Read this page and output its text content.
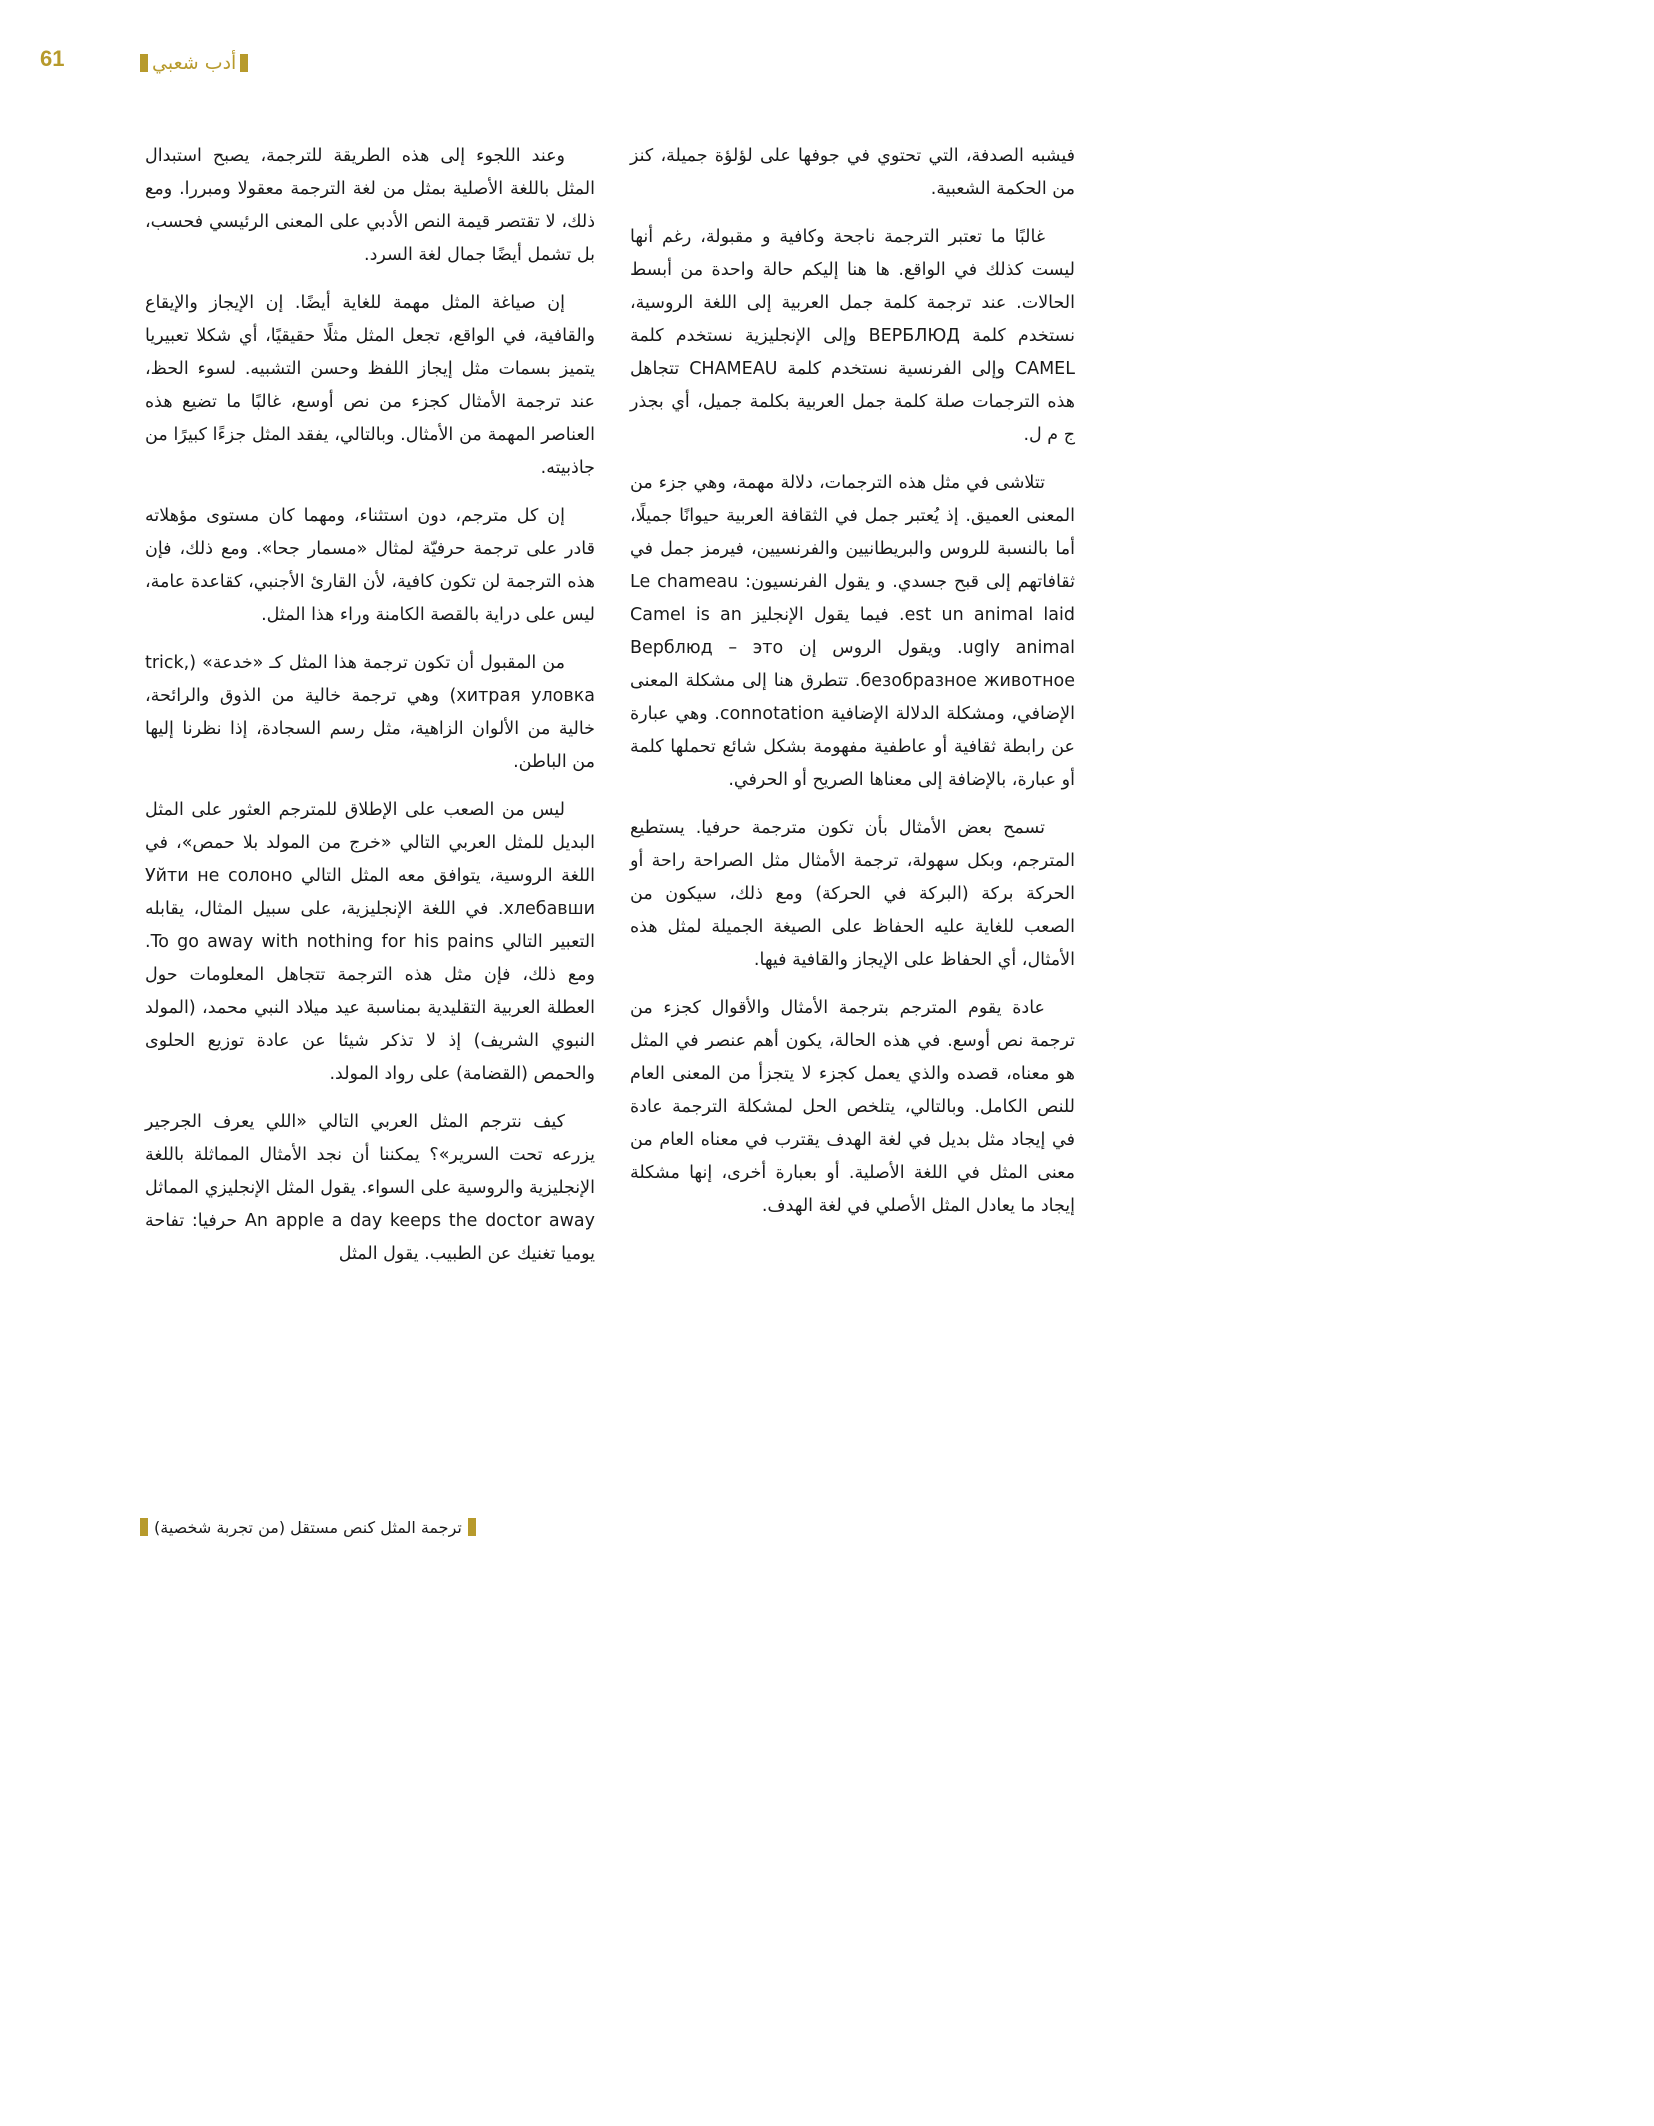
61	أدب شعبي

فيشبه الصدفة، التي تحتوي في جوفها على لؤلؤة جميلة، كنز من الحكمة الشعبية.

غالبًا ما تعتبر الترجمة ناجحة وكافية و مقبولة، رغم أنها ليست كذلك في الواقع. ها هنا إليكم حالة واحدة من أبسط الحالات. عند ترجمة كلمة جمل العربية إلى اللغة الروسية، نستخدم كلمة ВЕРБЛЮД وإلى الإنجليزية نستخدم كلمة CAMEL وإلى الفرنسية نستخدم كلمة CHAMEAU تتجاهل هذه الترجمات صلة كلمة جمل العربية بكلمة جميل، أي بجذر ج م ل.

تتلاشى في مثل هذه الترجمات، دلالة مهمة، وهي جزء من المعنى العميق. إذ يُعتبر جمل في الثقافة العربية حيوانًا جميلًا، أما بالنسبة للروس والبريطانيين والفرنسيين، فيرمز جمل في ثقافاتهم إلى قبح جسدي. و يقول الفرنسيون: Le chameau est un animal laid. فيما يقول الإنجليز Camel is an ugly animal. ويقول الروس إن Верблюд – это безобразное животное. تتطرق هنا إلى مشكلة المعنى الإضافي، ومشكلة الدلالة الإضافية connotation. وهي عبارة عن رابطة ثقافية أو عاطفية مفهومة بشكل شائع تحملها كلمة أو عبارة، بالإضافة إلى معناها الصريح أو الحرفي.

تسمح بعض الأمثال بأن تكون مترجمة حرفيا. يستطيع المترجم، وبكل سهولة، ترجمة الأمثال مثل الصراحة راحة أو الحركة بركة (البركة في الحركة) ومع ذلك، سيكون من الصعب للغاية عليه الحفاظ على الصيغة الجميلة لمثل هذه الأمثال، أي الحفاظ على الإيجاز والقافية فيها.

عادة يقوم المترجم بترجمة الأمثال والأقوال كجزء من ترجمة نص أوسع. في هذه الحالة، يكون أهم عنصر في المثل هو معناه، قصده والذي يعمل كجزء لا يتجزأ من المعنى العام للنص الكامل. وبالتالي، يتلخص الحل لمشكلة الترجمة عادة في إيجاد مثل بديل في لغة الهدف يقترب في معناه العام من معنى المثل في اللغة الأصلية. أو بعبارة أخرى، إنها مشكلة إيجاد ما يعادل المثل الأصلي في لغة الهدف.

وعند اللجوء إلى هذه الطريقة للترجمة، يصبح استبدال المثل باللغة الأصلية بمثل من لغة الترجمة معقولا ومبررا. ومع ذلك، لا تقتصر قيمة النص الأدبي على المعنى الرئيسي فحسب، بل تشمل أيضًا جمال لغة السرد.

إن صياغة المثل مهمة للغاية أيضًا. إن الإيجاز والإيقاع والقافية، في الواقع، تجعل المثل مثلًا حقيقيًا، أي شكلا تعبيريا يتميز بسمات مثل إيجاز اللفظ وحسن التشبيه. لسوء الحظ، عند ترجمة الأمثال كجزء من نص أوسع، غالبًا ما تضيع هذه العناصر المهمة من الأمثال. وبالتالي، يفقد المثل جزءًا كبيرًا من جاذبيته.

إن كل مترجم، دون استثناء، ومهما كان مستوى مؤهلاته قادر على ترجمة حرفيّة لمثال «مسمار جحا». ومع ذلك، فإن هذه الترجمة لن تكون كافية، لأن القارئ الأجنبي، كقاعدة عامة، ليس على دراية بالقصة الكامنة وراء هذا المثل.

من المقبول أن تكون ترجمة هذا المثل كـ «خدعة» (trick, хитрая уловка) وهي ترجمة خالية من الذوق والرائحة، خالية من الألوان الزاهية، مثل رسم السجادة، إذا نظرنا إليها من الباطن.

ليس من الصعب على الإطلاق للمترجم العثور على المثل البديل للمثل العربي التالي «خرج من المولد بلا حمص»، في اللغة الروسية، يتوافق معه المثل التالي Уйти не солоно хлебавши. في اللغة الإنجليزية، على سبيل المثال، يقابله التعبير التالي To go away with nothing for his pains. ومع ذلك، فإن مثل هذه الترجمة تتجاهل المعلومات حول العطلة العربية التقليدية بمناسبة عيد ميلاد النبي محمد، (المولد النبوي الشريف) إذ لا تذكر شيئا عن عادة توزيع الحلوى والحمص (القضامة) على رواد المولد.

كيف نترجم المثل العربي التالي «اللي يعرف الجرجير يزرعه تحت السرير»؟ يمكننا أن نجد الأمثال المماثلة باللغة الإنجليزية والروسية على السواء. يقول المثل الإنجليزي المماثل An apple a day keeps the doctor away حرفيا: تفاحة يوميا تغنيك عن الطبيب. يقول المثل

ترجمة المثل كنص مستقل (من تجربة شخصية)
